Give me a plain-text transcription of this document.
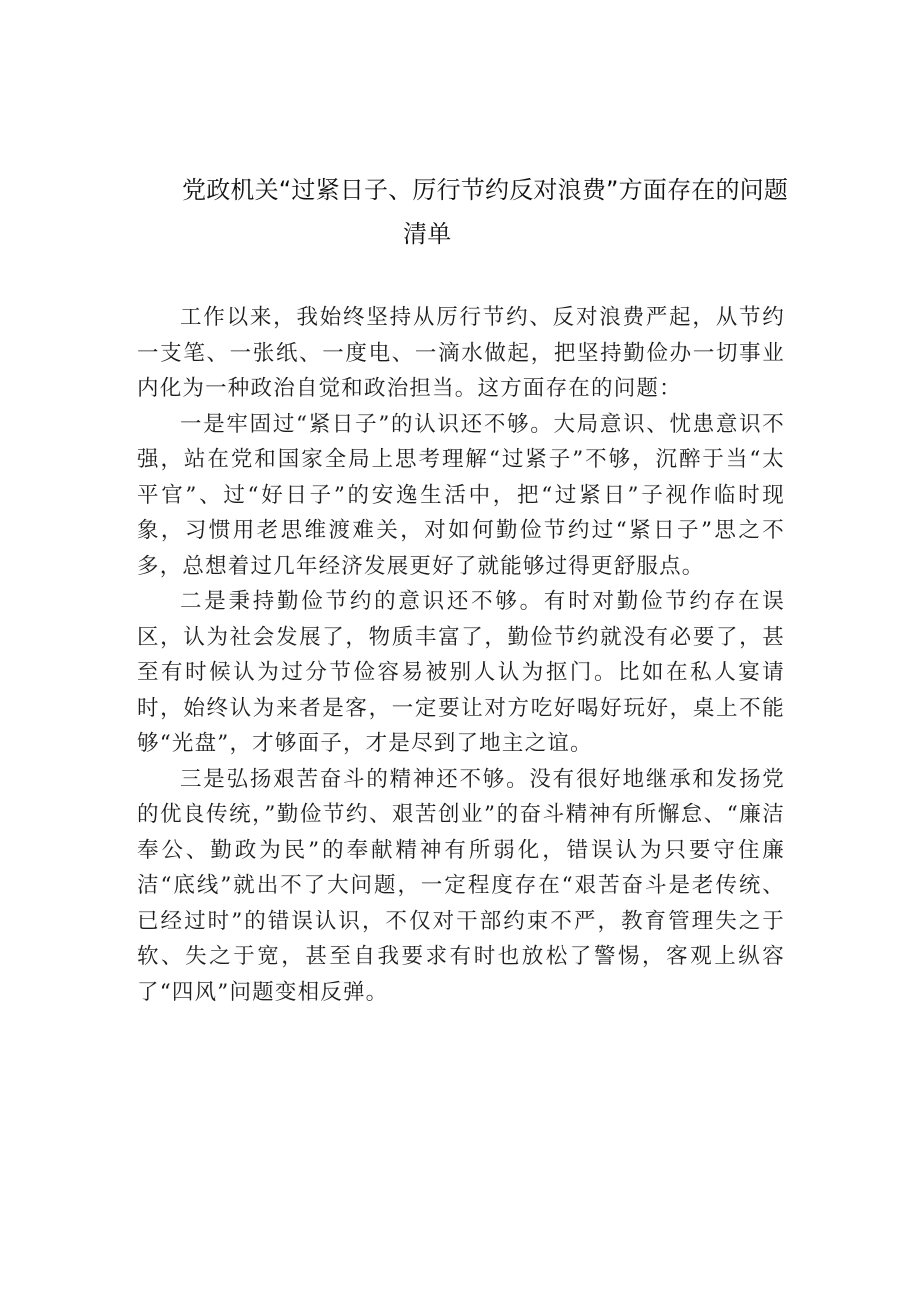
党政机关“过紧日子、厉行节约反对浪费”方面存在的问题
清单

工作以来，我始终坚持从厉行节约、反对浪费严起，从节约一支笔、一张纸、一度电、一滴水做起，把坚持勤俭办一切事业内化为一种政治自觉和政治担当。这方面存在的问题：

一是牢固过“紧日子”的认识还不够。大局意识、忧患意识不强，站在党和国家全局上思考理解“过紧子”不够，沉醉于当“太平官”、过“好日子”的安逸生活中，把“过紧日”子视作临时现象，习惯用老思维渡难关，对如何勤俭节约过“紧日子”思之不多，总想着过几年经济发展更好了就能够过得更舒服点。

二是秉持勤俭节约的意识还不够。有时对勤俭节约存在误区，认为社会发展了，物质丰富了，勤俭节约就没有必要了，甚至有时候认为过分节俭容易被别人认为抠门。比如在私人宴请时，始终认为来者是客，一定要让对方吃好喝好玩好，桌上不能够“光盘”，才够面子，才是尽到了地主之谊。

三是弘扬艰苦奋斗的精神还不够。没有很好地继承和发扬党的优良传统，”勤俭节约、艰苦创业”的奋斗精神有所懈怠、“廉洁奉公、勤政为民”的奉献精神有所弱化，错误认为只要守住廉洁“底线”就出不了大问题，一定程度存在“艰苦奋斗是老传统、已经过时”的错误认识，不仅对干部约束不严，教育管理失之于软、失之于宽，甚至自我要求有时也放松了警惕，客观上纵容了“四风”问题变相反弹。
